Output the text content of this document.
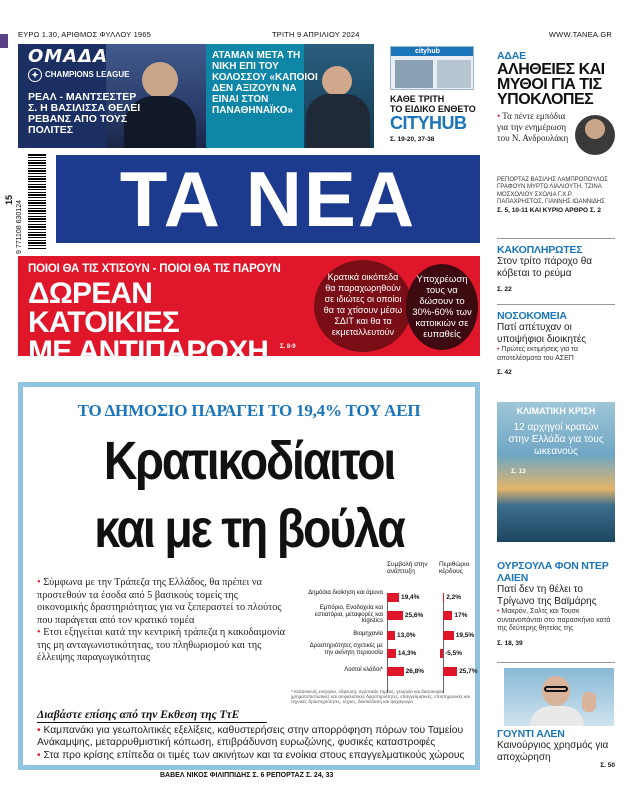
ΕΥΡΩ 1.30, ΑΡΙΘΜΟΣ ΦΥΛΛΟΥ 1965	ΤΡΙΤΗ 9 ΑΠΡΙΛΙΟΥ 2024	WWW.TANEA.GR
ΟΜΑΔΑ
✦ CHAMPIONS LEAGUE
ΡΕΑΛ - ΜΑΝΤΣΕΣΤΕΡ Σ. Η ΒΑΣΙΛΙΣΣΑ ΘΕΛΕΙ ΡΕΒΑΝΣ ΑΠΟ ΤΟΥΣ ΠΟΛΙΤΕΣ
ΑΤΑΜΑΝ ΜΕΤΑ ΤΗ ΝΙΚΗ ΕΠΙ ΤΟΥ ΚΟΛΟΣΣΟΥ «ΚΑΠΟΙΟΙ ΔΕΝ ΑΞΙΖΟΥΝ ΝΑ ΕΙΝΑΙ ΣΤΟΝ ΠΑΝΑΘΗΝΑΪΚΟ»
cityhub
ΚΑΘΕ ΤΡΙΤΗ
ΤΟ ΕΙΔΙΚΟ ΕΝΘΕΤΟ
CITYHUB
Σ. 19-20, 37-38
15
9 771108 630124	ΤΑ ΝΕΑ
ΠΟΙΟΙ ΘΑ ΤΙΣ ΧΤΙΣΟΥΝ - ΠΟΙΟΙ ΘΑ ΤΙΣ ΠΑΡΟΥΝ
ΔΩΡΕΑΝ ΚΑΤΟΙΚΙΕΣ
ΜΕ ΑΝΤΙΠΑΡΟΧΗ	Σ. 8-9
Κρατικά οικόπεδα θα παραχωρηθούν σε ιδιώτες οι οποίοι θα τα χτίσουν μέσω ΣΔΙΤ και θα τα εκμεταλλευτούν
Υποχρέωση τους να δώσουν το 30%-60% των κατοικιών σε ευπαθείς
ΤΟ ΔΗΜΟΣΙΟ ΠΑΡΑΓΕΙ ΤΟ 19,4% ΤΟΥ ΑΕΠ
Κρατικοδίαιτοι
και με τη βούλα

• Σύμφωνα με την Τράπεζα της Ελλάδος, θα πρέπει να προστεθούν τα έσοδα από 5 βασικούς τομείς της οικονομικής δραστηριότητας για να ξεπεραστεί το πλούτος που παράγεται από τον κρατικό τομέα

• Ετσι εξηγείται κατά την κεντρική τράπεζα η κακοδαιμονία της μη ανταγωνιστικότητας, του πληθωρισμού και της έλλειψης παραγωγικότητας

Συμβολή στην ανάπτυξη
Περιθώριο κέρδους
Δημόσια διοίκηση και άμυνα
19,4%	2,2%
Εμπόριο, Ενοδοχεία και εστιατόρια, μεταφορές και logistics
25,6%	17%
Βιομηχανία 13,0%	19,5%
Δραστηριότητες σχετικές με την ακίνητη περιουσία 14,3%	-5,5%
Λοιποί κλάδοι*	26,8%	25,7%
* Κατασκευή, ενέργεια, ύδρευση, αγροτικός τομέας, γεωργία και δασοκομία, χρηματοπιστωτικές και ασφαλιστικές δραστηριότητες, επαγγελματικές, επιστημονικές και τεχνικές δραστηριότητες, τέχνες, διασκέδαση και ψυχαγωγία
Διαβάστε επίσης από την Εκθεση της ΤτΕ
• Καμπανάκι για γεωπολιτικές εξελίξεις, καθυστερήσεις στην απορρόφηση πόρων του Ταμείου Ανάκαμψης, μεταρρυθμιστική κόπωση, επιβράδυνση ευρωζώνης, φυσικές καταστροφές
• Στα προ κρίσης επίπεδα οι τιμές των ακινήτων και τα ενοίκια στους επαγγελματικούς χώρους
ΒΑΒΕΛ ΝΙΚΟΣ ΦΙΛΙΠΠΙΔΗΣ Σ. 6 ΡΕΠΟΡΤΑΖ Σ. 24, 33
ΑΔΑΕ
ΑΛΗΘΕΙΕΣ ΚΑΙ ΜΥΘΟΙ ΓΙΑ ΤΙΣ ΥΠΟΚΛΟΠΕΣ
• Τα πέντε εμπόδια για την ενημέρωση του Ν. Ανδρουλάκη
ΡΕΠΟΡΤΑΖ ΒΑΣΙΛΗΣ ΛΑΜΠΡΟΠΟΥΛΟΣ ΓΡΑΦΟΥΝ ΜΥΡΤΩ ΛΙΑΛΙΟΥΤΗ, ΤΖΙΝΑ ΜΟΣΧΟΛΙΟΥ ΣΧΟΛΙΑ Γ.Χ.Ρ. ΠΑΠΑΧΡΗΣΤΟΣ, ΓΙΑΝΝΗΣ ΙΩΑΝΝΙΔΗΣ
Σ. 5, 10-11 ΚΑΙ ΚΥΡΙΟ ΑΡΘΡΟ Σ. 2
ΚΑΚΟΠΛΗΡΩΤΕΣ
Στον τρίτο πάροχο θα κόβεται το ρεύμα
Σ. 22
ΝΟΣΟΚΟΜΕΙΑ
Πατί απέτυχαν οι υποψήφιοι διοικητές
• Πρώτες εκτιμήσεις για τα αποτελέσματα του ΑΣΕΠ
Σ. 42
ΚΛΙΜΑΤΙΚΗ ΚΡΙΣΗ
12 αρχηγοί κρατών στην Ελλάδα για τους ωκεανούς
Σ. 13
ΟΥΡΣΟΥΛΑ ΦΟΝ ΝΤΕΡ ΛΑΙΕΝ
Πατί δεν τη θέλει το Τρίγωνο της Βαϊμάρης
• Μακρόν, Σολτς και Τουσκ συναινοπάνται στο παρασκήνιο κατά της δεύτερης θητείας της
Σ. 18, 39
ΓΟΥΝΤΙ ΑΛΕΝ
Καινούργιος χρησμός για αποχώρηση
Σ. 50
